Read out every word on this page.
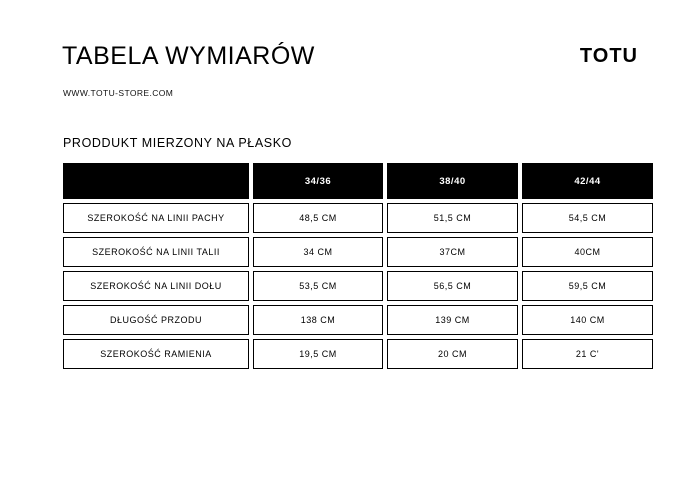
TABELA WYMIARÓW	TOTU
WWW.TOTU-STORE.COM
PRODDUKT MIERZONY NA PŁASKO
	34/36	38/40	42/44
SZEROKOŚĆ NA LINII PACHY	48,5 CM	51,5 CM	54,5 CM
SZEROKOŚĆ NA LINII TALII	34 CM	37CM	40CM
SZEROKOŚĆ NA LINII DOŁU	53,5 CM	56,5 CM	59,5 CM
DŁUGOŚĆ PRZODU	138 CM	139 CM	140 CM
SZEROKOŚĆ RAMIENIA	19,5 CM	20 CM	21 C'
